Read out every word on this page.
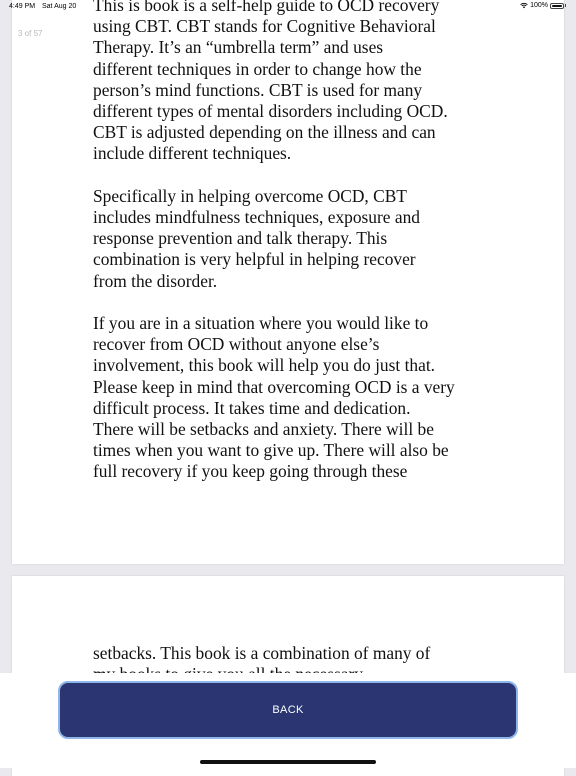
4:49 PM Sat Aug 20	100%
3 of 57

This is book is a self-help guide to OCD recovery
using CBT. CBT stands for Cognitive Behavioral
Therapy. It’s an “umbrella term” and uses
different techniques in order to change how the
person’s mind functions. CBT is used for many
different types of mental disorders including OCD.
CBT is adjusted depending on the illness and can
include different techniques.

Specifically in helping overcome OCD, CBT
includes mindfulness techniques, exposure and
response prevention and talk therapy. This
combination is very helpful in helping recover
from the disorder.

If you are in a situation where you would like to
recover from OCD without anyone else’s
involvement, this book will help you do just that.
Please keep in mind that overcoming OCD is a very
difficult process. It takes time and dedication.
There will be setbacks and anxiety. There will be
times when you want to give up. There will also be
full recovery if you keep going through these

setbacks. This book is a combination of many of

BACK
